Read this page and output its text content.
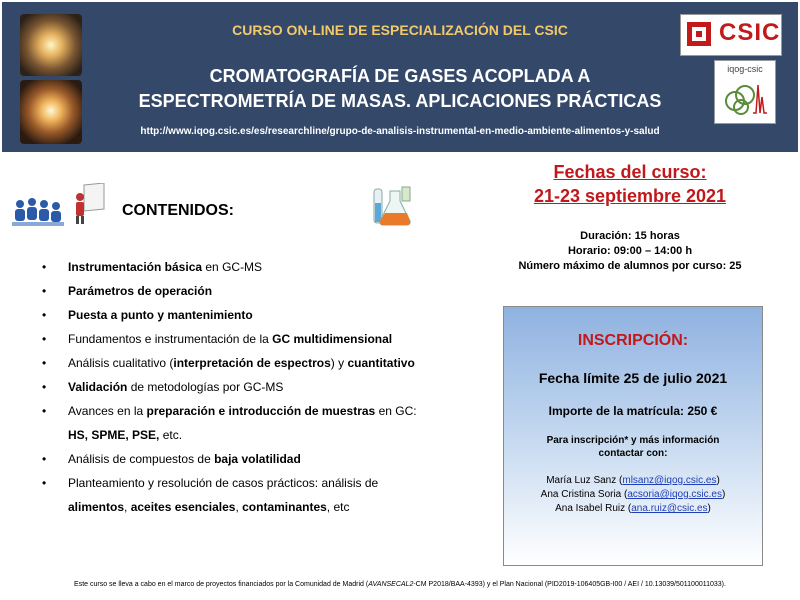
CURSO ON-LINE DE ESPECIALIZACIÓN DEL CSIC
CROMATOGRAFÍA DE GASES ACOPLADA A
ESPECTROMETRÍA DE MASAS. APLICACIONES PRÁCTICAS
http://www.iqog.csic.es/es/researchline/grupo-de-analisis-instrumental-en-medio-ambiente-alimentos-y-salud
CSIC
iqog-csic
CONTENIDOS:
• Instrumentación básica en GC-MS
• Parámetros de operación
• Puesta a punto y mantenimiento
• Fundamentos e instrumentación de la GC multidimensional
• Análisis cualitativo (interpretación de espectros) y cuantitativo
• Validación de metodologías por GC-MS
• Avances en la preparación e introducción de muestras en GC:
HS, SPME, PSE, etc.
• Análisis de compuestos de baja volatilidad
• Planteamiento y resolución de casos prácticos: análisis de
alimentos, aceites esenciales, contaminantes, etc
Fechas del curso:
21-23 septiembre 2021
Duración: 15 horas
Horario: 09:00 – 14:00 h
Número máximo de alumnos por curso: 25
INSCRIPCIÓN:
Fecha límite 25 de julio 2021
Importe de la matrícula: 250 €
Para inscripción* y más información
contactar con:
María Luz Sanz (mlsanz@iqog.csic.es)
Ana Cristina Soria (acsoria@iqog.csic.es)
Ana Isabel Ruiz (ana.ruiz@csic.es)
Este curso se lleva a cabo en el marco de proyectos financiados por la Comunidad de Madrid (AVANSECAL2-CM P2018/BAA-4393) y el Plan Nacional (PID2019-106405GB-I00 / AEI / 10.13039/501100011033).
